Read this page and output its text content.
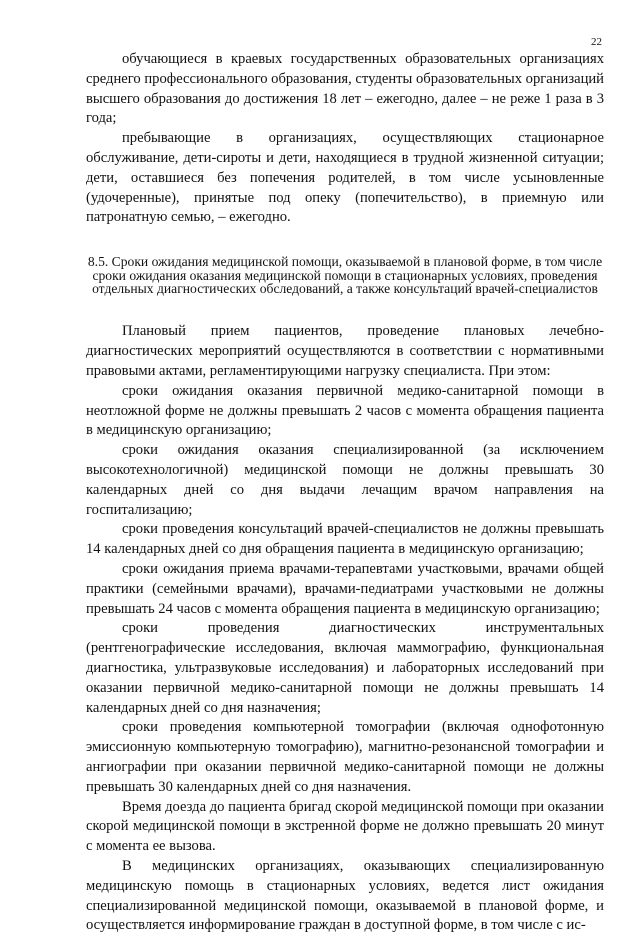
22

обучающиеся в краевых государственных образовательных организациях среднего профессионального образования, студенты образовательных организаций высшего образования до достижения 18 лет – ежегодно, далее – не реже 1 раза в 3 года;

пребывающие в организациях, осуществляющих стационарное обслуживание, дети-сироты и дети, находящиеся в трудной жизненной ситуации; дети, оставшиеся без попечения родителей, в том числе усыновленные (удочеренные), принятые под опеку (попечительство), в приемную или патронатную семью, – ежегодно.

8.5. Сроки ожидания медицинской помощи, оказываемой в плановой форме, в том числе сроки ожидания оказания медицинской помощи в стационарных условиях, проведения отдельных диагностических обследований, а также консультаций врачей-специалистов

Плановый прием пациентов, проведение плановых лечебно-диагностических мероприятий осуществляются в соответствии с нормативными правовыми актами, регламентирующими нагрузку специалиста. При этом:

сроки ожидания оказания первичной медико-санитарной помощи в неотложной форме не должны превышать 2 часов с момента обращения пациента в медицинскую организацию;

сроки ожидания оказания специализированной (за исключением высокотехнологичной) медицинской помощи не должны превышать 30 календарных дней со дня выдачи лечащим врачом направления на госпитализацию;

сроки проведения консультаций врачей-специалистов не должны превышать 14 календарных дней со дня обращения пациента в медицинскую организацию;

сроки ожидания приема врачами-терапевтами участковыми, врачами общей практики (семейными врачами), врачами-педиатрами участковыми не должны превышать 24 часов с момента обращения пациента в медицинскую организацию;

сроки проведения диагностических инструментальных (рентгенографические исследования, включая маммографию, функциональная диагностика, ультразвуковые исследования) и лабораторных исследований при оказании первичной медико-санитарной помощи не должны превышать 14 календарных дней со дня назначения;

сроки проведения компьютерной томографии (включая однофотонную эмиссионную компьютерную томографию), магнитно-резонансной томографии и ангиографии при оказании первичной медико-санитарной помощи не должны превышать 30 календарных дней со дня назначения.

Время доезда до пациента бригад скорой медицинской помощи при оказании скорой медицинской помощи в экстренной форме не должно превышать 20 минут с момента ее вызова.

В медицинских организациях, оказывающих специализированную медицинскую помощь в стационарных условиях, ведется лист ожидания специализированной медицинской помощи, оказываемой в плановой форме, и осуществляется информирование граждан в доступной форме, в том числе с ис-
